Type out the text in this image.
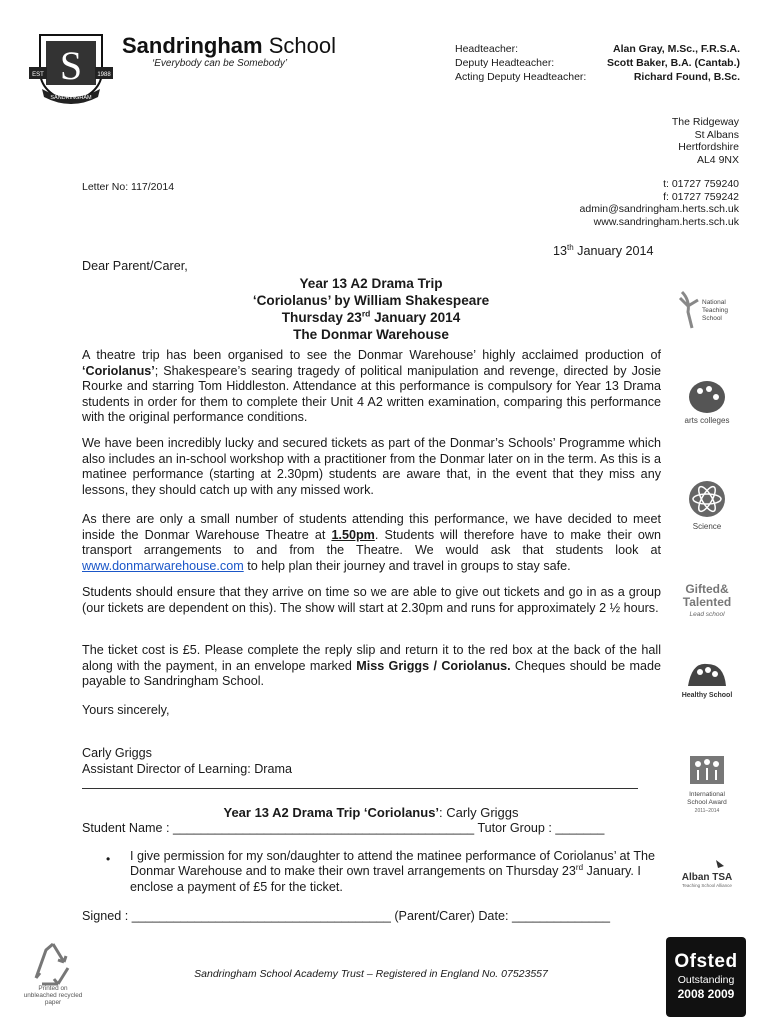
S
EST	1988
SANDRINGHAM
Sandringham School
‘Everybody can be Somebody’
Headteacher:	Alan Gray, M.Sc., F.R.S.A.
Deputy Headteacher:	Scott Baker, B.A. (Cantab.)
Acting Deputy Headteacher:	Richard Found, B.Sc.
The Ridgeway
St Albans
Hertfordshire
AL4 9NX
Letter No: 117/2014	t: 01727 759240
f: 01727 759242
admin@sandringham.herts.sch.uk
www.sandringham.herts.sch.uk
13th January 2014
Dear Parent/Carer,
Year 13 A2 Drama Trip
‘Coriolanus’ by William Shakespeare
Thursday 23rd January 2014
The Donmar Warehouse
A theatre trip has been organised to see the Donmar Warehouse’ highly acclaimed production of ‘Coriolanus’; Shakespeare’s searing tragedy of political manipulation and revenge, directed by Josie Rourke and starring Tom Hiddleston. Attendance at this performance is compulsory for Year 13 Drama students in order for them to complete their Unit 4 A2 written examination, comparing this performance with the original performance conditions.
We have been incredibly lucky and secured tickets as part of the Donmar’s Schools’ Programme which also includes an in-school workshop with a practitioner from the Donmar later on in the term. As this is a matinee performance (starting at 2.30pm) students are aware that, in the event that they miss any lessons, they should catch up with any missed work.
As there are only a small number of students attending this performance, we have decided to meet inside the Donmar Warehouse Theatre at 1.50pm. Students will therefore have to make their own transport arrangements to and from the Theatre. We would ask that students look at www.donmarwarehouse.com to help plan their journey and travel in groups to stay safe.
Students should ensure that they arrive on time so we are able to give out tickets and go in as a group (our tickets are dependent on this). The show will start at 2.30pm and runs for approximately 2 ½ hours.
The ticket cost is £5. Please complete the reply slip and return it to the red box at the back of the hall along with the payment, in an envelope marked Miss Griggs / Coriolanus. Cheques should be made payable to Sandringham School.
Yours sincerely,
Carly Griggs
Assistant Director of Learning: Drama
Year 13 A2 Drama Trip ‘Coriolanus’: Carly Griggs
Student Name : ___________________________________________ Tutor Group : _______
• I give permission for my son/daughter to attend the matinee performance of Coriolanus’ at The Donmar Warehouse and to make their own travel arrangements on Thursday 23rd January. I enclose a payment of £5 for the ticket.
Signed : _____________________________________ (Parent/Carer) Date: ______________
Sandringham School Academy Trust – Registered in England No. 07523557
Printed on unbleached recycled paper
National
Teaching
School
arts colleges
Science
Gifted&
Talented
Lead school
Healthy School
International
School Award
2011–2014
Alban TSA
Teaching School Alliance
Ofsted
Outstanding
2008 2009
